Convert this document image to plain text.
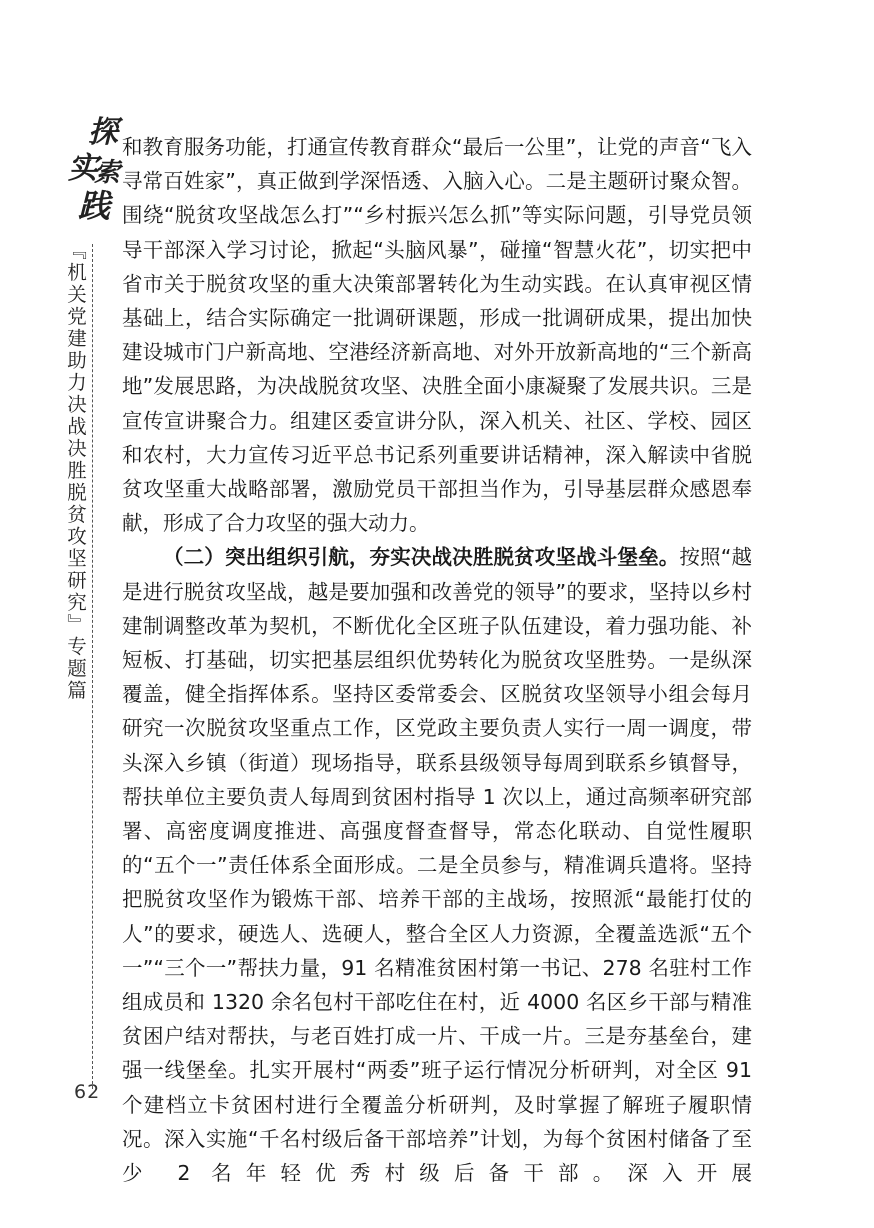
探
实
索
践
『机关党建助力决战决胜脱贫攻坚研究』专题篇
62

和教育服务功能，打通宣传教育群众“最后一公里”，让党的声音“飞入寻常百姓家”，真正做到学深悟透、入脑入心。二是主题研讨聚众智。围绕“脱贫攻坚战怎么打”“乡村振兴怎么抓”等实际问题，引导党员领导干部深入学习讨论，掀起“头脑风暴”，碰撞“智慧火花”，切实把中省市关于脱贫攻坚的重大决策部署转化为生动实践。在认真审视区情基础上，结合实际确定一批调研课题，形成一批调研成果，提出加快建设城市门户新高地、空港经济新高地、对外开放新高地的“三个新高地”发展思路，为决战脱贫攻坚、决胜全面小康凝聚了发展共识。三是宣传宣讲聚合力。组建区委宣讲分队，深入机关、社区、学校、园区和农村，大力宣传习近平总书记系列重要讲话精神，深入解读中省脱贫攻坚重大战略部署，激励党员干部担当作为，引导基层群众感恩奉献，形成了合力攻坚的强大动力。

（二）突出组织引航，夯实决战决胜脱贫攻坚战斗堡垒。按照“越是进行脱贫攻坚战，越是要加强和改善党的领导”的要求，坚持以乡村建制调整改革为契机，不断优化全区班子队伍建设，着力强功能、补短板、打基础，切实把基层组织优势转化为脱贫攻坚胜势。一是纵深覆盖，健全指挥体系。坚持区委常委会、区脱贫攻坚领导小组会每月研究一次脱贫攻坚重点工作，区党政主要负责人实行一周一调度，带头深入乡镇（街道）现场指导，联系县级领导每周到联系乡镇督导，帮扶单位主要负责人每周到贫困村指导 1 次以上，通过高频率研究部署、高密度调度推进、高强度督查督导，常态化联动、自觉性履职的“五个一”责任体系全面形成。二是全员参与，精准调兵遣将。坚持把脱贫攻坚作为锻炼干部、培养干部的主战场，按照派“最能打仗的人”的要求，硬选人、选硬人，整合全区人力资源，全覆盖选派“五个一”“三个一”帮扶力量，91 名精准贫困村第一书记、278 名驻村工作组成员和 1320 余名包村干部吃住在村，近 4000 名区乡干部与精准贫困户结对帮扶，与老百姓打成一片、干成一片。三是夯基垒台，建强一线堡垒。扎实开展村“两委”班子运行情况分析研判，对全区 91 个建档立卡贫困村进行全覆盖分析研判，及时掌握了解班子履职情况。深入实施“千名村级后备干部培养”计划，为每个贫困村储备了至少 2 名年轻优秀村级后备干部。深入开展
